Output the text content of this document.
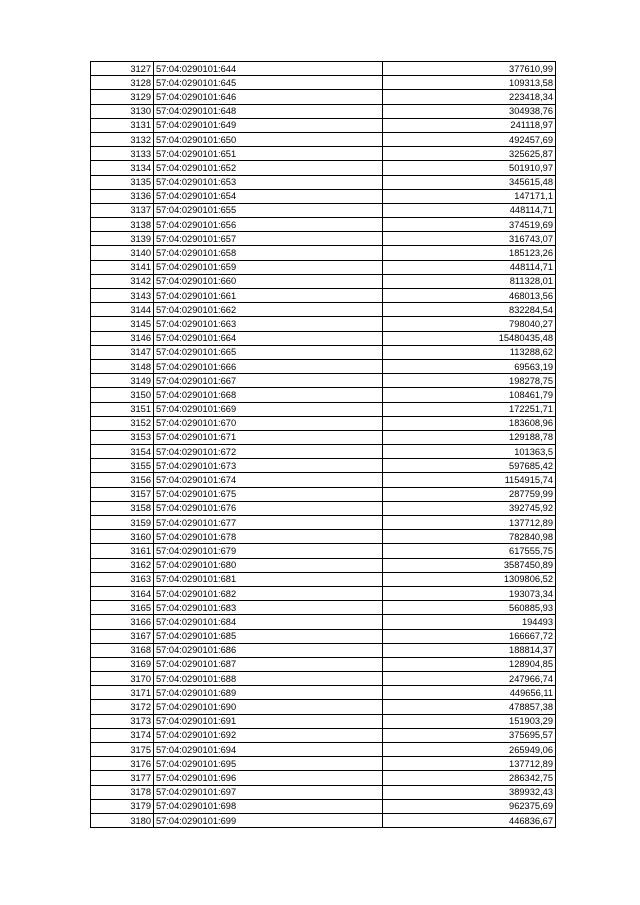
3127	57:04:0290101:644	377610,99
3128	57:04:0290101:645	109313,58
3129	57:04:0290101:646	223418,34
3130	57:04:0290101:648	304938,76
3131	57:04:0290101:649	241118,97
3132	57:04:0290101:650	492457,69
3133	57:04:0290101:651	325625,87
3134	57:04:0290101:652	501910,97
3135	57:04:0290101:653	345615,48
3136	57:04:0290101:654	147171,1
3137	57:04:0290101:655	448114,71
3138	57:04:0290101:656	374519,69
3139	57:04:0290101:657	316743,07
3140	57:04:0290101:658	185123,26
3141	57:04:0290101:659	448114,71
3142	57:04:0290101:660	811328,01
3143	57:04:0290101:661	468013,56
3144	57:04:0290101:662	832284,54
3145	57:04:0290101:663	798040,27
3146	57:04:0290101:664	15480435,48
3147	57:04:0290101:665	113288,62
3148	57:04:0290101:666	69563,19
3149	57:04:0290101:667	198278,75
3150	57:04:0290101:668	108461,79
3151	57:04:0290101:669	172251,71
3152	57:04:0290101:670	183608,96
3153	57:04:0290101:671	129188,78
3154	57:04:0290101:672	101363,5
3155	57:04:0290101:673	597685,42
3156	57:04:0290101:674	1154915,74
3157	57:04:0290101:675	287759,99
3158	57:04:0290101:676	392745,92
3159	57:04:0290101:677	137712,89
3160	57:04:0290101:678	782840,98
3161	57:04:0290101:679	617555,75
3162	57:04:0290101:680	3587450,89
3163	57:04:0290101:681	1309806,52
3164	57:04:0290101:682	193073,34
3165	57:04:0290101:683	560885,93
3166	57:04:0290101:684	194493
3167	57:04:0290101:685	166667,72
3168	57:04:0290101:686	188814,37
3169	57:04:0290101:687	128904,85
3170	57:04:0290101:688	247966,74
3171	57:04:0290101:689	449656,11
3172	57:04:0290101:690	478857,38
3173	57:04:0290101:691	151903,29
3174	57:04:0290101:692	375695,57
3175	57:04:0290101:694	265949,06
3176	57:04:0290101:695	137712,89
3177	57:04:0290101:696	286342,75
3178	57:04:0290101:697	389932,43
3179	57:04:0290101:698	962375,69
3180	57:04:0290101:699	446836,67
